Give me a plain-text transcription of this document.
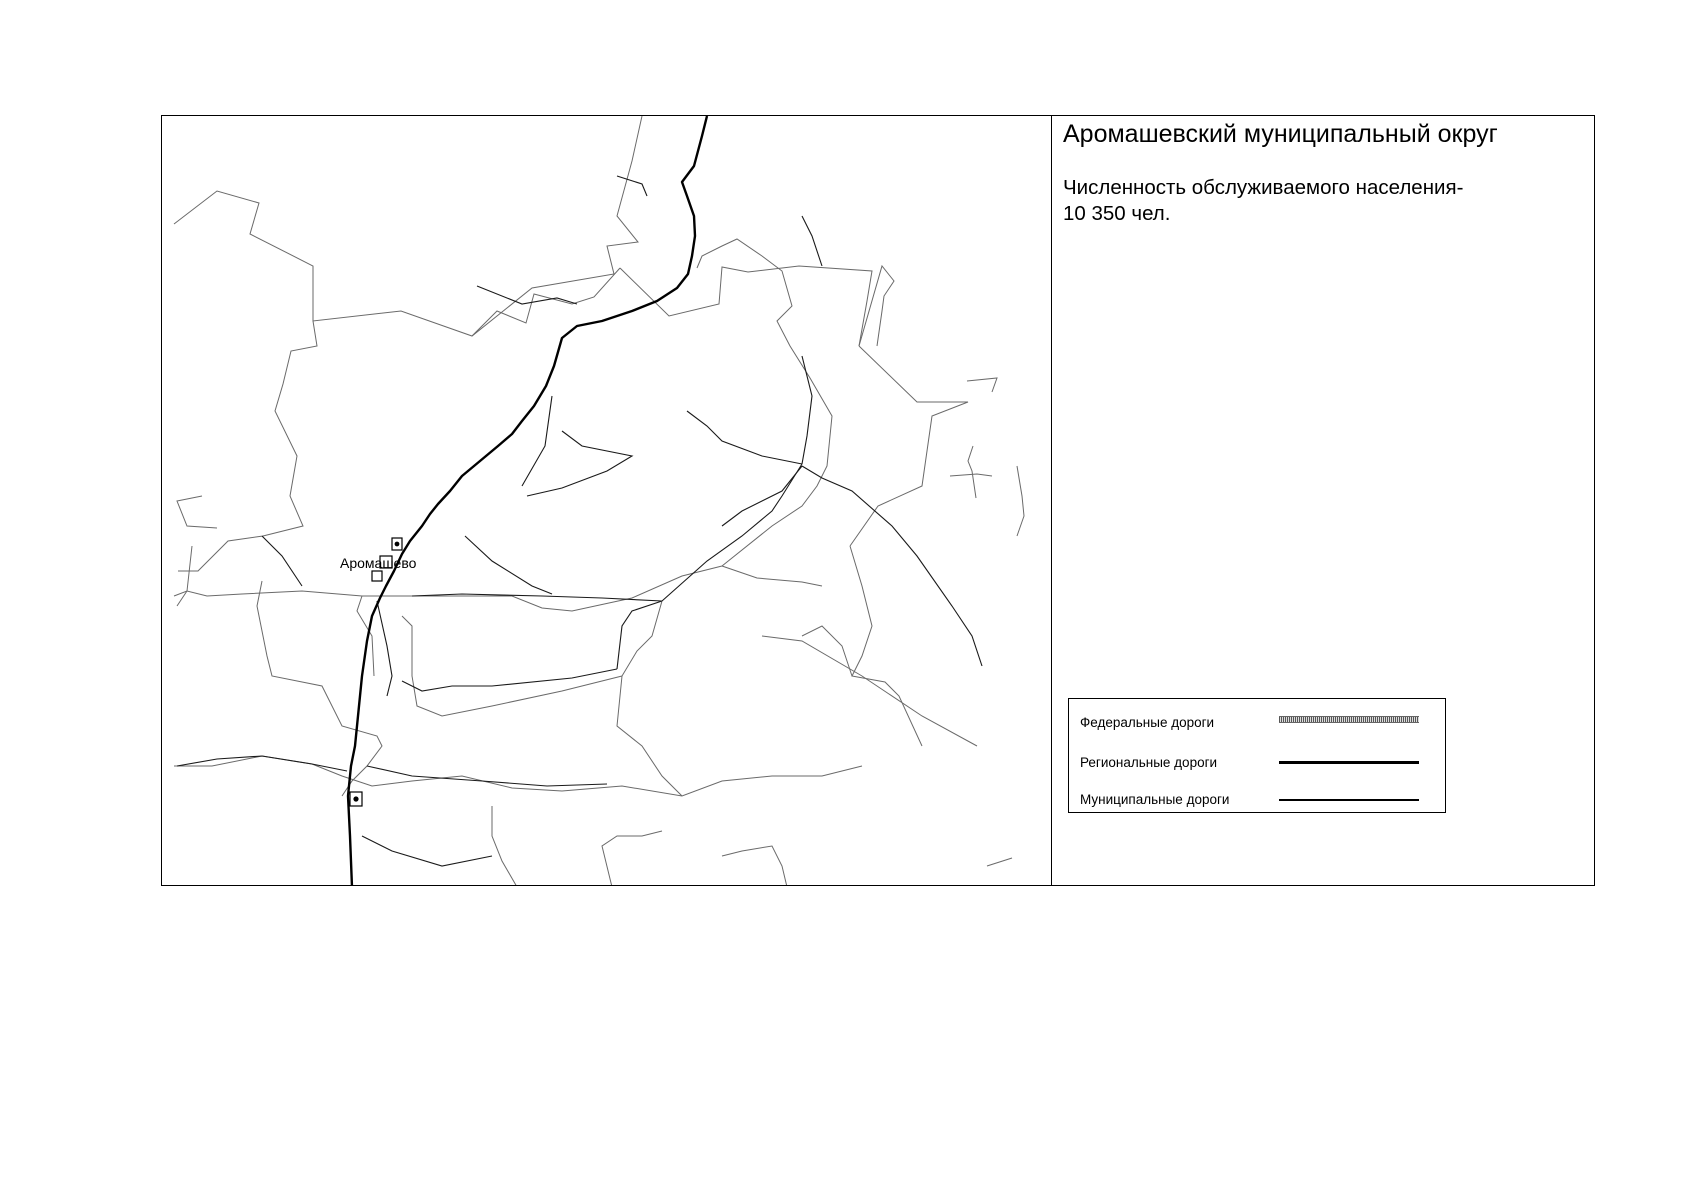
Аромашево
Аромашевский муниципальный округ
Численность обслуживаемого населения-
10 350 чел.
Федеральные дороги
Региональные дороги
Муниципальные дороги
